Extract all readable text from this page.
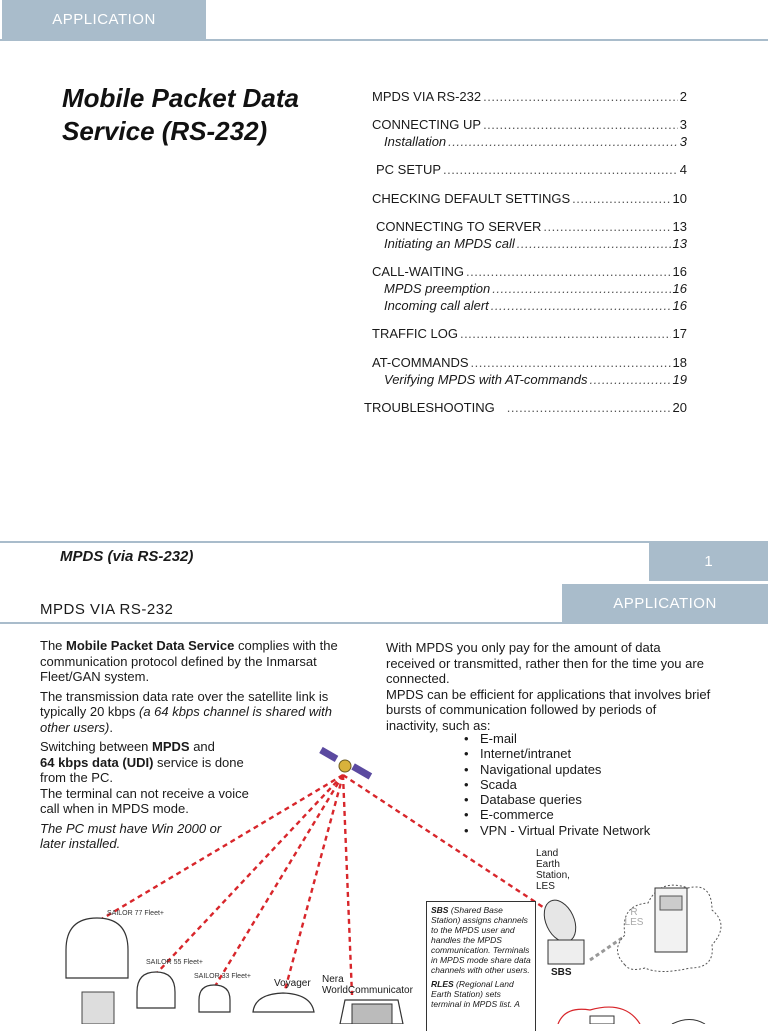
APPLICATION
Mobile Packet Data
Service (RS-232)
MPDS VIA RS-232 .....	2
CONNECTING UP .....	3
Installation .....	3
PC SETUP .....	4
CHECKING DEFAULT SETTINGS .....	10
CONNECTING TO SERVER .....	13
Initiating an MPDS call .....	13
CALL-WAITING .....	16
MPDS preemption .....	16
Incoming call alert .....	16
TRAFFIC LOG .....	17
AT-COMMANDS .....	18
Verifying MPDS with AT-commands .....	19
TROUBLESHOOTING .....	20
MPDS (via RS-232)	1
MPDS VIA RS-232	APPLICATION

The Mobile Packet Data Service complies with the communication protocol defined by the Inmarsat Fleet/GAN system.

The transmission data rate over the satellite link is typically 20 kbps (a 64 kbps channel is shared with other users).

Switching between MPDS and
64 kbps data (UDI) service is done from the PC.

The terminal can not receive a voice call when in MPDS mode.

The PC must have Win 2000 or later installed.

With MPDS you only pay for the amount of data received or transmitted, rather then for the time you are connected.

MPDS can be efficient for applications that involves brief bursts of communication followed by periods of inactivity, such as:

• E-mail
• Internet/intranet
• Navigational updates
• Scada
• Database queries
• E-commerce
• VPN - Virtual Private Network
Land
Earth
Station,
LES
SBS
R
LES
SAILOR 77 Fleet+
SAILOR 55 Fleet+
SAILOR 33 Fleet+
Voyager Nera
WorldCommunicator
SBS (Shared Base Station) assigns channels to the MPDS user and handles the MPDS communication. Terminals in MPDS mode share data channels with other users.
RLES (Regional Land Earth Station) sets terminal in MPDS list. A
